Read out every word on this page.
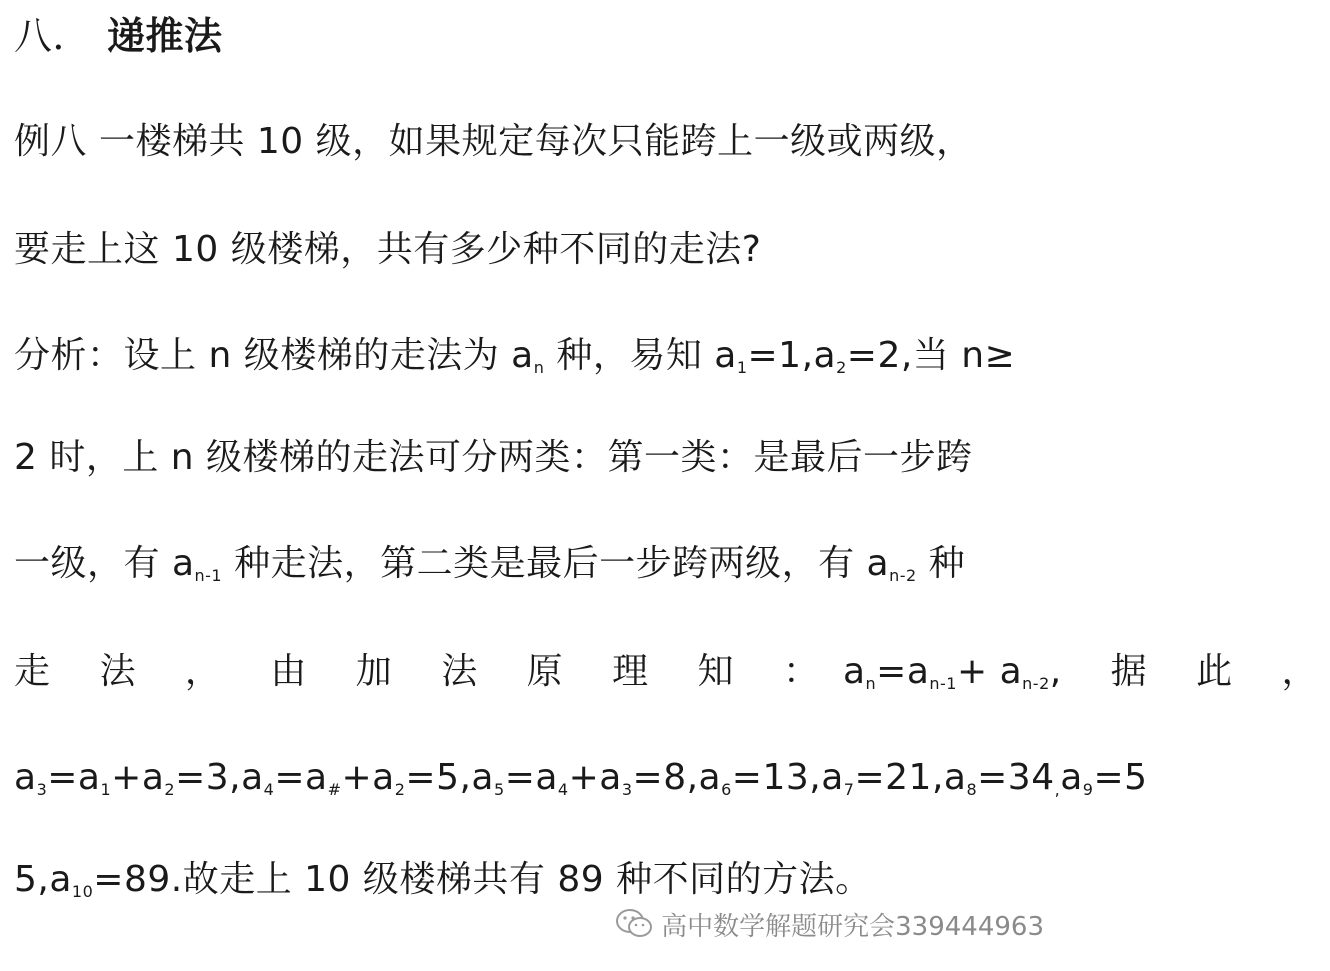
八． 递推法
例八 一楼梯共 10 级，如果规定每次只能跨上一级或两级，
要走上这 10 级楼梯，共有多少种不同的走法?
分析：设上 n 级楼梯的走法为 $a_n$ 种，易知 $a_1=1,a_2=2$,当 n≥
2 时，上 n 级楼梯的走法可分两类：第一类：是最后一步跨
一级，有 $a_{n-1}$ 种走法，第二类是最后一步跨两级，有 $a_{n-2}$ 种
走 法 ， 由 加 法 原 理 知 ： $a_n=a_{n-1}+ a_{n-2}$, 据 此 ，
$a_3=a_1+a_2=3,a_4=a_{\#}+a_2=5,a_5=a_4+a_3=8,a_6=13,a_7=21,a_8=34_,a_9=5$
$5,a_{10}=89$.故走上 10 级楼梯共有 89 种不同的方法。
高中数学解题研究会339444963
